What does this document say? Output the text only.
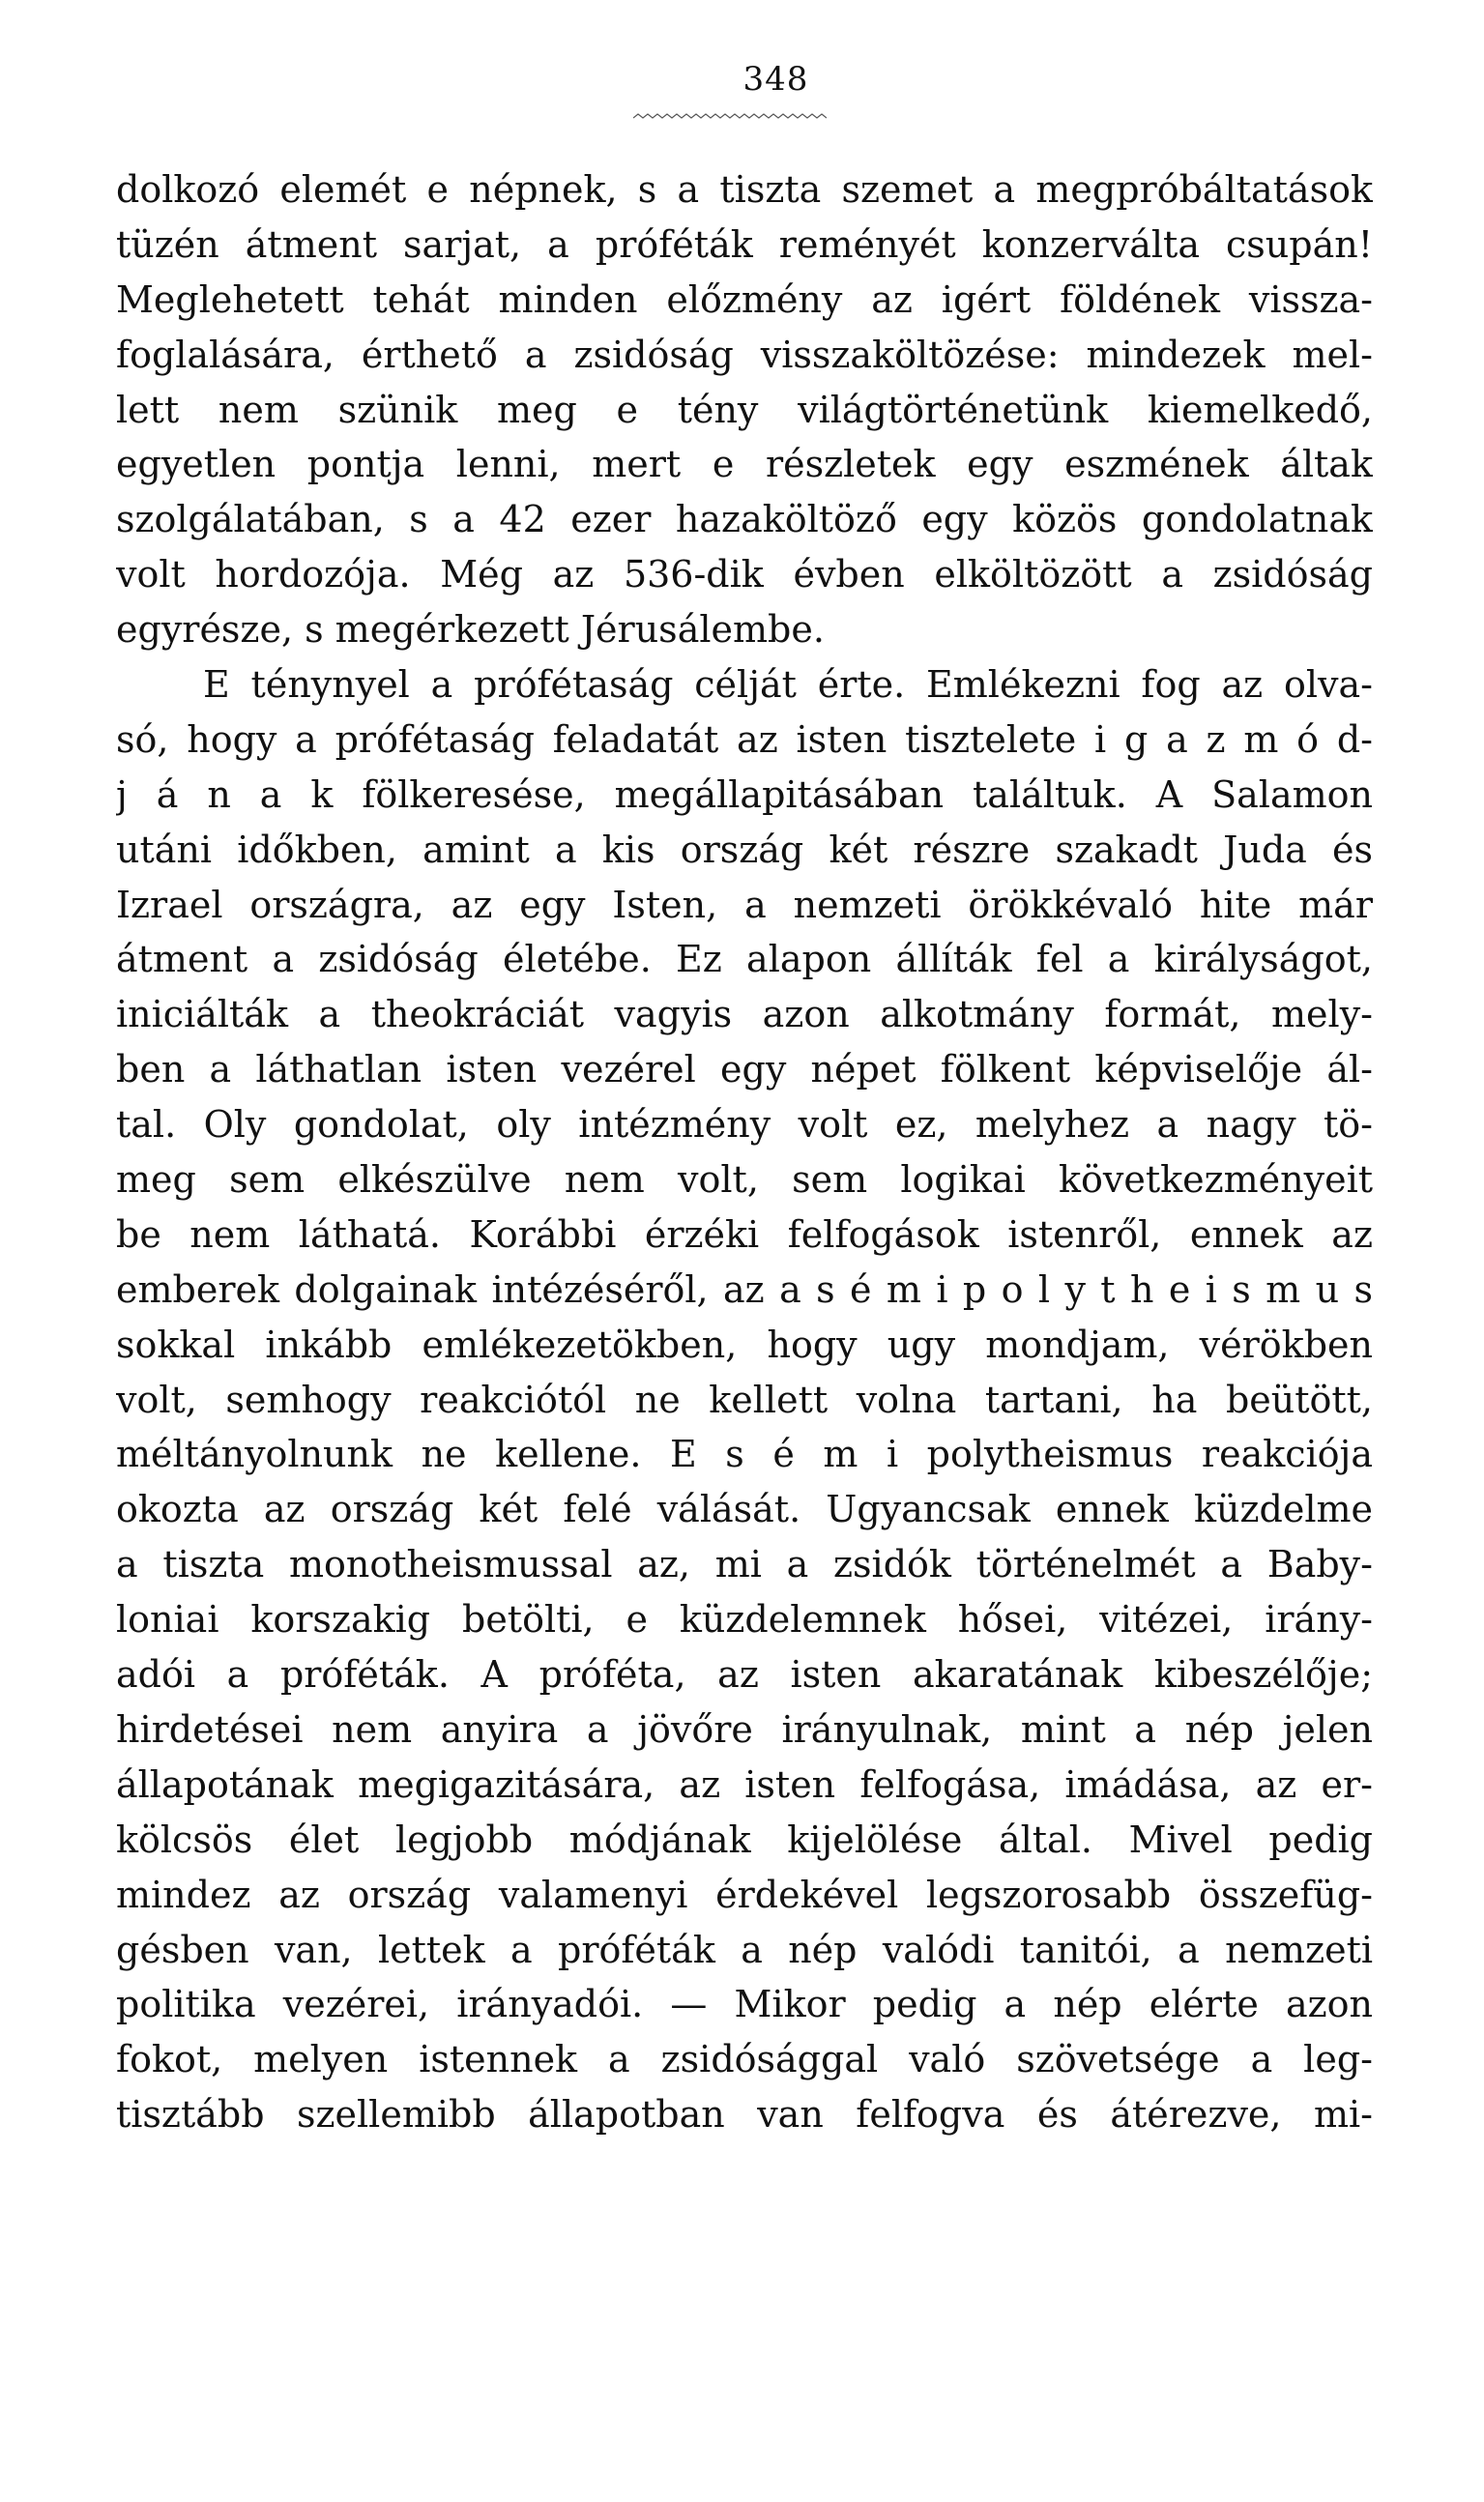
348
dolkozó elemét e népnek, s a tiszta szemet a megpróbáltatások
tüzén átment sarjat, a próféták reményét konzerválta csupán!
Meglehetett tehát minden előzmény az igért földének vissza-
foglalására, érthető a zsidóság visszaköltözése: mindezek mel-
lett nem szünik meg e tény világtörténetünk kiemelkedő,
egyetlen pontja lenni, mert e részletek egy eszmének áltak
szolgálatában, s a 42 ezer hazaköltöző egy közös gondolatnak
volt hordozója. Még az 536-dik évben elköltözött a zsidóság
egyrésze, s megérkezett Jérusálembe.
E ténynyel a prófétaság célját érte. Emlékezni fog az olva-
só, hogy a prófétaság feladatát az isten tisztelete i g a z m ó d-
j á n a k fölkeresése, megállapitásában találtuk. A Salamon
utáni időkben, amint a kis ország két részre szakadt Juda és
Izrael országra, az egy Isten, a nemzeti örökkévaló hite már
átment a zsidóság életébe. Ez alapon állíták fel a királyságot,
iniciálták a theokráciát vagyis azon alkotmány formát, mely-
ben a láthatlan isten vezérel egy népet fölkent képviselője ál-
tal. Oly gondolat, oly intézmény volt ez, melyhez a nagy tö-
meg sem elkészülve nem volt, sem logikai következményeit
be nem láthatá. Korábbi érzéki felfogások istenről, ennek az
emberek dolgainak intézéséről, az a s é m i p o l y t h e i s m u s
sokkal inkább emlékezetökben, hogy ugy mondjam, vérökben
volt, semhogy reakciótól ne kellett volna tartani, ha beütött,
méltányolnunk ne kellene. E s é m i polytheismus reakciója
okozta az ország két felé válását. Ugyancsak ennek küzdelme
a tiszta monotheismussal az, mi a zsidók történelmét a Baby-
loniai korszakig betölti, e küzdelemnek hősei, vitézei, irány-
adói a próféták. A próféta, az isten akaratának kibeszélője;
hirdetései nem anyira a jövőre irányulnak, mint a nép jelen
állapotának megigazitására, az isten felfogása, imádása, az er-
kölcsös élet legjobb módjának kijelölése által. Mivel pedig
mindez az ország valamenyi érdekével legszorosabb összefüg-
gésben van, lettek a próféták a nép valódi tanitói, a nemzeti
politika vezérei, irányadói. — Mikor pedig a nép elérte azon
fokot, melyen istennek a zsidósággal való szövetsége a leg-
tisztább szellemibb állapotban van felfogva és átérezve, mi-
